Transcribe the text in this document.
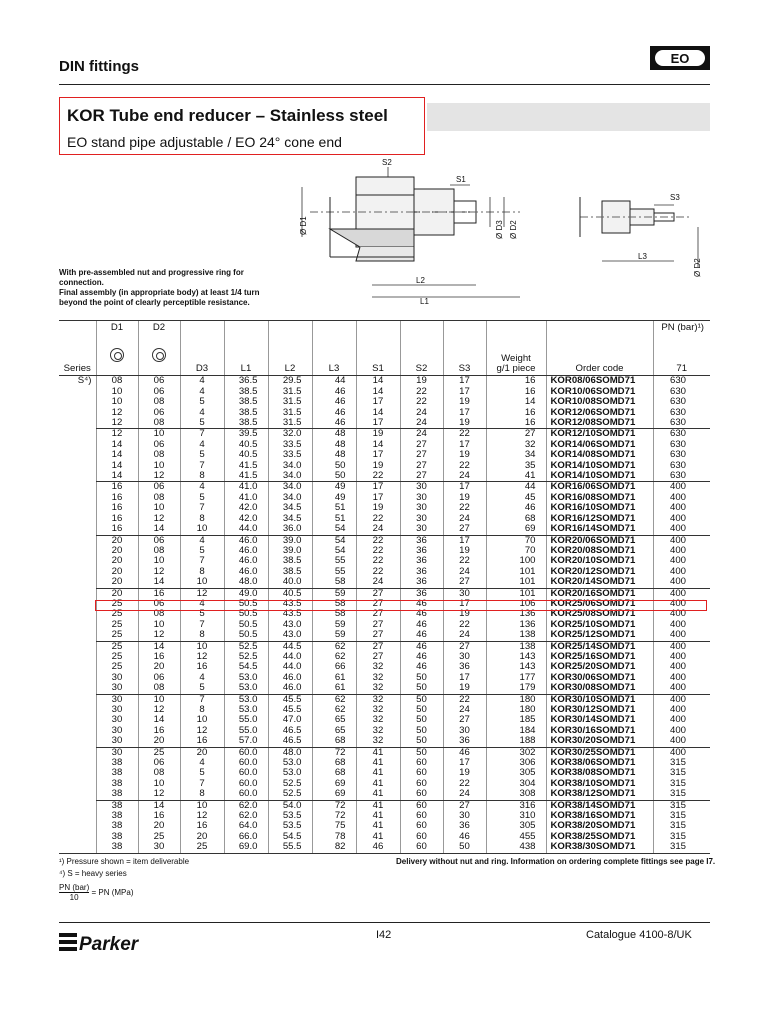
DIN fittings	EO
KOR Tube end reducer – Stainless steel
EO stand pipe adjustable / EO 24° cone end
S2
S1
S3
Ø D1	Ø D3 Ø D2
Ø D2
L2
L1
L3
With pre-assembled nut and progressive ring for connection.
Final assembly (in appropriate body) at least 1/4 turn beyond the point of clearly perceptible resistance.
	D1	D2										PN (bar)¹)
Series			D3	L1	L2	L3	S1	S2	S3	Weight
g/1 piece	Order code	71
S⁴)	08	06	4	36.5	29.5	44	14	19	17	16	KOR08/06SOMD71	630
	10	06	4	38.5	31.5	46	14	22	17	16	KOR10/06SOMD71	630
	10	08	5	38.5	31.5	46	17	22	19	14	KOR10/08SOMD71	630
	12	06	4	38.5	31.5	46	14	24	17	16	KOR12/06SOMD71	630
	12	08	5	38.5	31.5	46	17	24	19	16	KOR12/08SOMD71	630
	12	10	7	39.5	32.0	48	19	24	22	27	KOR12/10SOMD71	630
	14	06	4	40.5	33.5	48	14	27	17	32	KOR14/06SOMD71	630
	14	08	5	40.5	33.5	48	17	27	19	34	KOR14/08SOMD71	630
	14	10	7	41.5	34.0	50	19	27	22	35	KOR14/10SOMD71	630
	14	12	8	41.5	34.0	50	22	27	24	41	KOR14/10SOMD71	630
	16	06	4	41.0	34.0	49	17	30	17	44	KOR16/06SOMD71	400
	16	08	5	41.0	34.0	49	17	30	19	45	KOR16/08SOMD71	400
	16	10	7	42.0	34.5	51	19	30	22	46	KOR16/10SOMD71	400
	16	12	8	42.0	34.5	51	22	30	24	68	KOR16/12SOMD71	400
	16	14	10	44.0	36.0	54	24	30	27	69	KOR16/14SOMD71	400
	20	06	4	46.0	39.0	54	22	36	17	70	KOR20/06SOMD71	400
	20	08	5	46.0	39.0	54	22	36	19	70	KOR20/08SOMD71	400
	20	10	7	46.0	38.5	55	22	36	22	100	KOR20/10SOMD71	400
	20	12	8	46.0	38.5	55	22	36	24	101	KOR20/12SOMD71	400
	20	14	10	48.0	40.0	58	24	36	27	101	KOR20/14SOMD71	400
	20	16	12	49.0	40.5	59	27	36	30	101	KOR20/16SOMD71	400
	25	06	4	50.5	43.5	58	27	46	17	106	KOR25/06SOMD71	400
	25	08	5	50.5	43.5	58	27	46	19	136	KOR25/08SOMD71	400
	25	10	7	50.5	43.0	59	27	46	22	136	KOR25/10SOMD71	400
	25	12	8	50.5	43.0	59	27	46	24	138	KOR25/12SOMD71	400
	25	14	10	52.5	44.5	62	27	46	27	138	KOR25/14SOMD71	400
	25	16	12	52.5	44.0	62	27	46	30	143	KOR25/16SOMD71	400
	25	20	16	54.5	44.0	66	32	46	36	143	KOR25/20SOMD71	400
	30	06	4	53.0	46.0	61	32	50	17	177	KOR30/06SOMD71	400
	30	08	5	53.0	46.0	61	32	50	19	179	KOR30/08SOMD71	400
	30	10	7	53.0	45.5	62	32	50	22	180	KOR30/10SOMD71	400
	30	12	8	53.0	45.5	62	32	50	24	180	KOR30/12SOMD71	400
	30	14	10	55.0	47.0	65	32	50	27	185	KOR30/14SOMD71	400
	30	16	12	55.0	46.5	65	32	50	30	184	KOR30/16SOMD71	400
	30	20	16	57.0	46.5	68	32	50	36	188	KOR30/20SOMD71	400
	30	25	20	60.0	48.0	72	41	50	46	302	KOR30/25SOMD71	400
	38	06	4	60.0	53.0	68	41	60	17	306	KOR38/06SOMD71	315
	38	08	5	60.0	53.0	68	41	60	19	305	KOR38/08SOMD71	315
	38	10	7	60.0	52.5	69	41	60	22	304	KOR38/10SOMD71	315
	38	12	8	60.0	52.5	69	41	60	24	308	KOR38/12SOMD71	315
	38	14	10	62.0	54.0	72	41	60	27	316	KOR38/14SOMD71	315
	38	16	12	62.0	53.5	72	41	60	30	310	KOR38/16SOMD71	315
	38	20	16	64.0	53.5	75	41	60	36	305	KOR38/20SOMD71	315
	38	25	20	66.0	54.5	78	41	60	46	455	KOR38/25SOMD71	315
	38	30	25	69.0	55.5	82	46	60	50	438	KOR38/30SOMD71	315
¹) Pressure shown = item deliverable
⁴) S = heavy series
Delivery without nut and ring. Information on ordering complete fittings see page I7.
PN (bar)
10
= PN (MPa)
Parker	I42	Catalogue 4100-8/UK
